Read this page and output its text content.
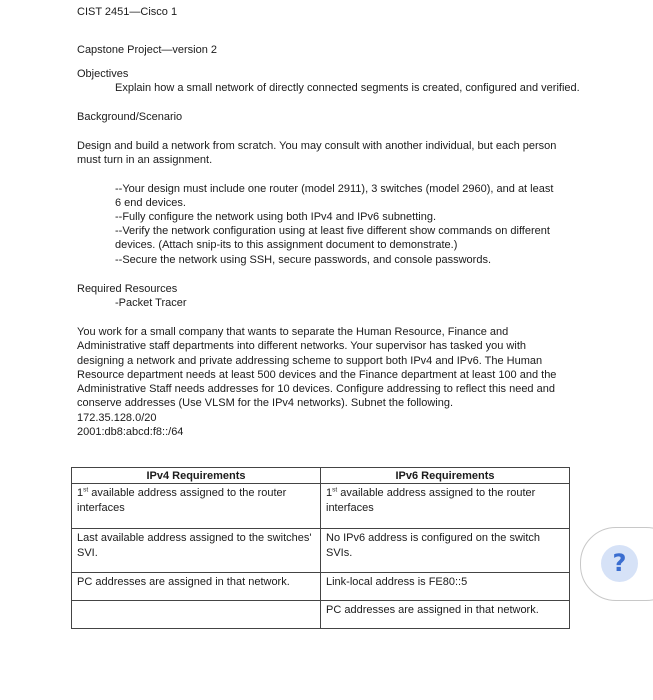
CIST 2451—Cisco 1
Capstone Project—version 2
Objectives
Explain how a small network of directly connected segments is created, configured and verified.
Background/Scenario
Design and build a network from scratch. You may consult with another individual, but each person must turn in an assignment.
--Your design must include one router (model 2911), 3 switches (model 2960), and at least 6 end devices.
--Fully configure the network using both IPv4 and IPv6 subnetting.
--Verify the network configuration using at least five different show commands on different devices. (Attach snip-its to this assignment document to demonstrate.)
--Secure the network using SSH, secure passwords, and console passwords.
Required Resources
-Packet Tracer
You work for a small company that wants to separate the Human Resource, Finance and Administrative staff departments into different networks. Your supervisor has tasked you with designing a network and private addressing scheme to support both IPv4 and IPv6. The Human Resource department needs at least 500 devices and the Finance department at least 100 and the Administrative Staff needs addresses for 10 devices. Configure addressing to reflect this need and conserve addresses (Use VLSM for the IPv4 networks). Subnet the following.
172.35.128.0/20
2001:db8:abcd:f8::/64
IPv4 Requirements	IPv6 Requirements
1st available address assigned to the router interfaces	1st available address assigned to the router interfaces
Last available address assigned to the switches' SVI.	No IPv6 address is configured on the switch SVIs.
PC addresses are assigned in that network.	Link-local address is FE80::5
	PC addresses are assigned in that network.
?
